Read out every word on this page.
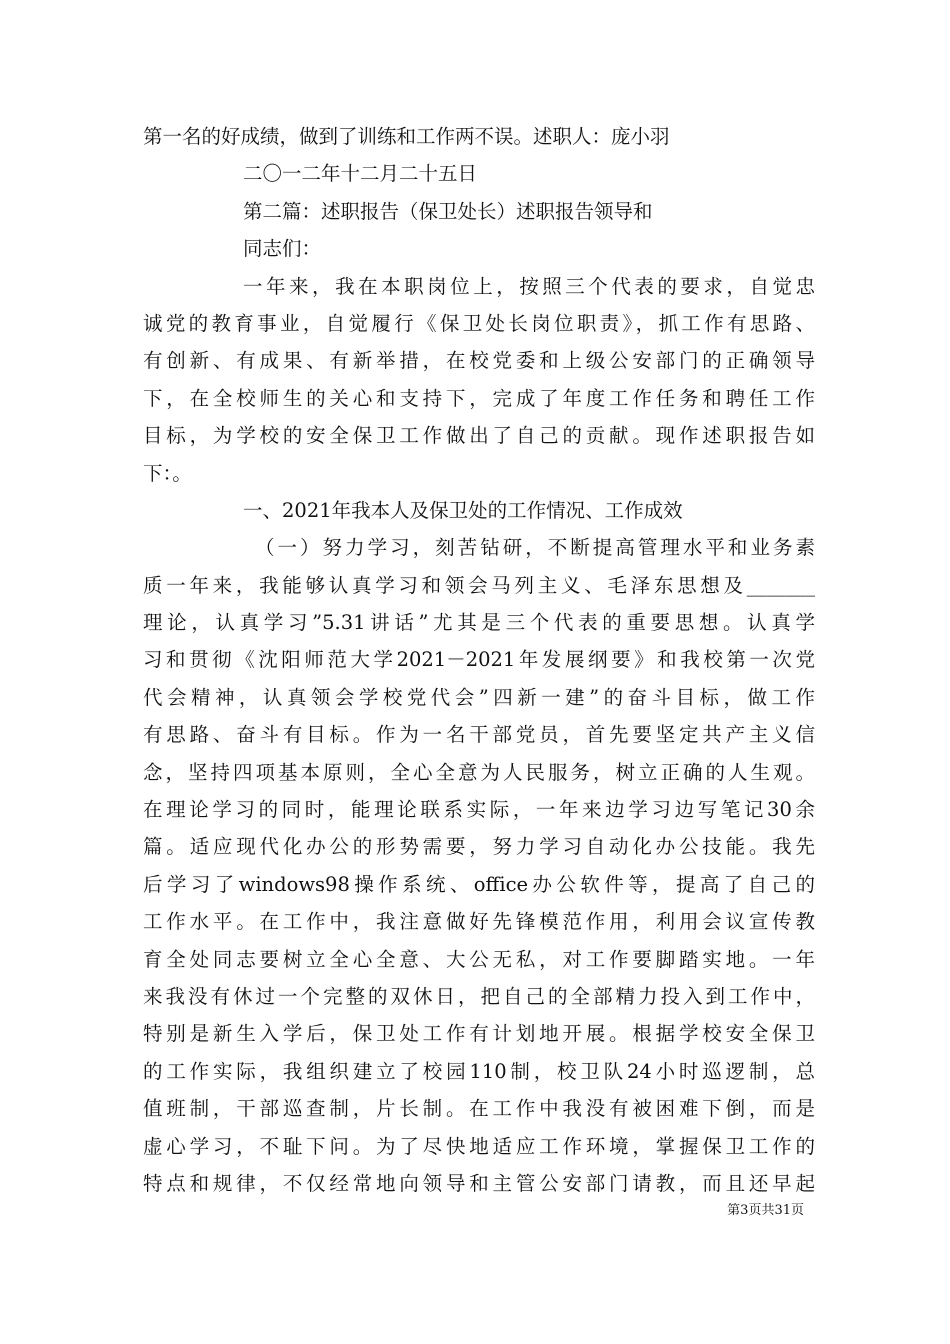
第一名的好成绩，做到了训练和工作两不误。述职人：庞小羽
二〇一二年十二月二十五日
第二篇：述职报告（保卫处长）述职报告领导和
同志们：
一年来，我在本职岗位上，按照三个代表的要求，自觉忠
诚党的教育事业，自觉履行《保卫处长岗位职责》，抓工作有思路、
有创新、有成果、有新举措，在校党委和上级公安部门的正确领导
下，在全校师生的关心和支持下，完成了年度工作任务和聘任工作
目标，为学校的安全保卫工作做出了自己的贡献。现作述职报告如
下：。
一、2021年我本人及保卫处的工作情况、工作成效
（一）努力学习，刻苦钻研，不断提高管理水平和业务素
质一年来，我能够认真学习和领会马列主义、毛泽东思想及_______
理论，认真学习”5.31讲话”尤其是三个代表的重要思想。认真学
习和贯彻《沈阳师范大学2021－2021年发展纲要》和我校第一次党
代会精神，认真领会学校党代会”四新一建”的奋斗目标，做工作
有思路、奋斗有目标。作为一名干部党员，首先要坚定共产主义信
念，坚持四项基本原则，全心全意为人民服务，树立正确的人生观。
在理论学习的同时，能理论联系实际，一年来边学习边写笔记30余
篇。适应现代化办公的形势需要，努力学习自动化办公技能。我先
后学习了windows98操作系统、office办公软件等，提高了自己的
工作水平。在工作中，我注意做好先锋模范作用，利用会议宣传教
育全处同志要树立全心全意、大公无私，对工作要脚踏实地。一年
来我没有休过一个完整的双休日，把自己的全部精力投入到工作中，
特别是新生入学后，保卫处工作有计划地开展。根据学校安全保卫
的工作实际，我组织建立了校园110制，校卫队24小时巡逻制，总
值班制，干部巡查制，片长制。在工作中我没有被困难下倒，而是
虚心学习，不耻下问。为了尽快地适应工作环境，掌握保卫工作的
特点和规律，不仅经常地向领导和主管公安部门请教，而且还早起
第3页共31页
